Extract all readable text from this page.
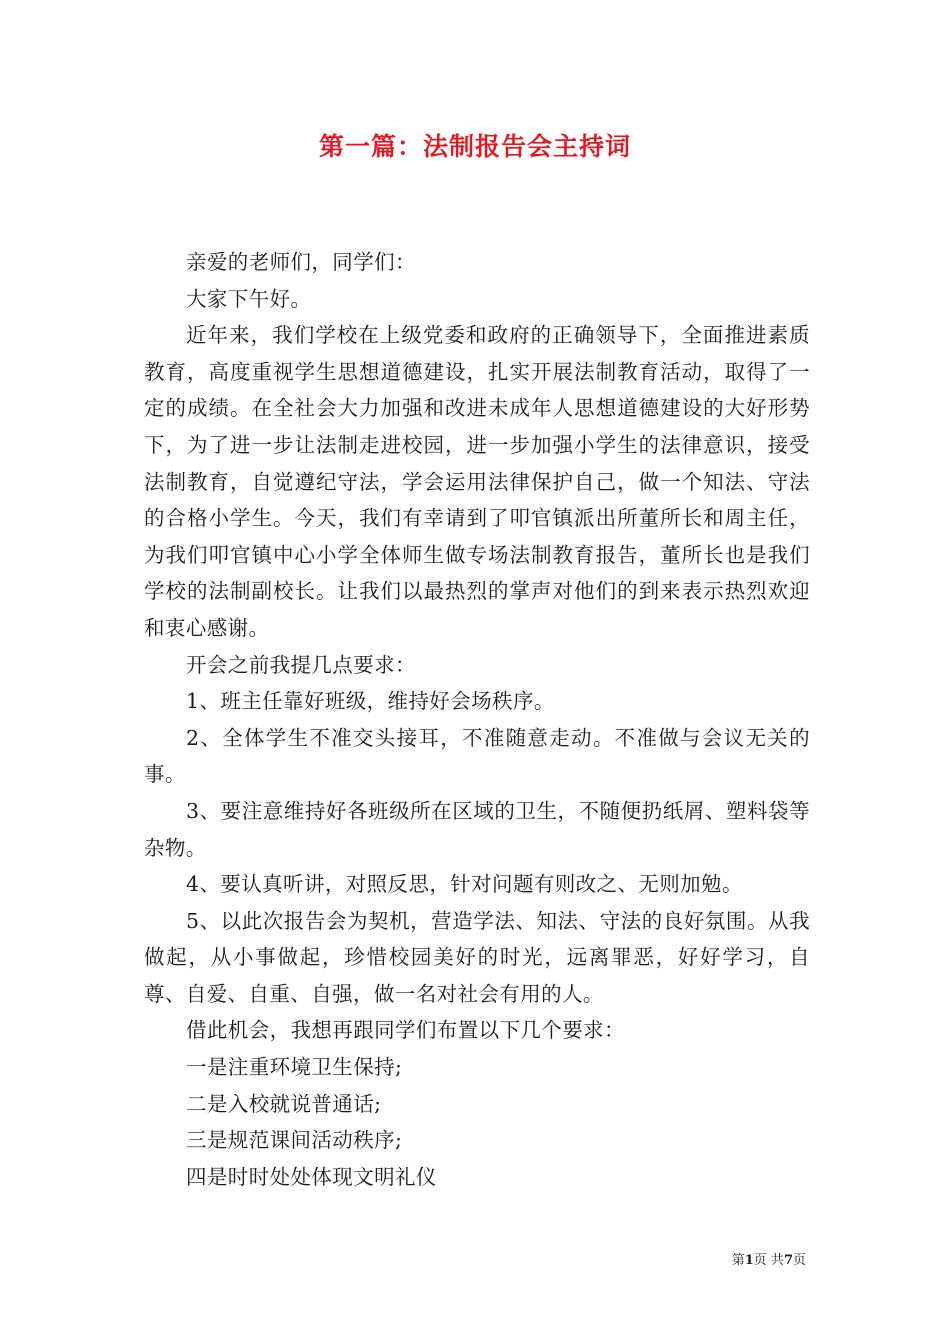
第一篇：法制报告会主持词

亲爱的老师们，同学们：

大家下午好。

近年来，我们学校在上级党委和政府的正确领导下，全面推进素质教育，高度重视学生思想道德建设，扎实开展法制教育活动，取得了一定的成绩。在全社会大力加强和改进未成年人思想道德建设的大好形势下，为了进一步让法制走进校园，进一步加强小学生的法律意识，接受法制教育，自觉遵纪守法，学会运用法律保护自己，做一个知法、守法的合格小学生。今天，我们有幸请到了叩官镇派出所董所长和周主任，为我们叩官镇中心小学全体师生做专场法制教育报告，董所长也是我们学校的法制副校长。让我们以最热烈的掌声对他们的到来表示热烈欢迎和衷心感谢。

开会之前我提几点要求：

1、班主任靠好班级，维持好会场秩序。

2、全体学生不准交头接耳，不准随意走动。不准做与会议无关的事。

3、要注意维持好各班级所在区域的卫生，不随便扔纸屑、塑料袋等杂物。

4、要认真听讲，对照反思，针对问题有则改之、无则加勉。

5、以此次报告会为契机，营造学法、知法、守法的良好氛围。从我做起，从小事做起，珍惜校园美好的时光，远离罪恶，好好学习，自尊、自爱、自重、自强，做一名对社会有用的人。

借此机会，我想再跟同学们布置以下几个要求：

一是注重环境卫生保持;

二是入校就说普通话;

三是规范课间活动秩序;

四是时时处处体现文明礼仪

第1页 共7页
